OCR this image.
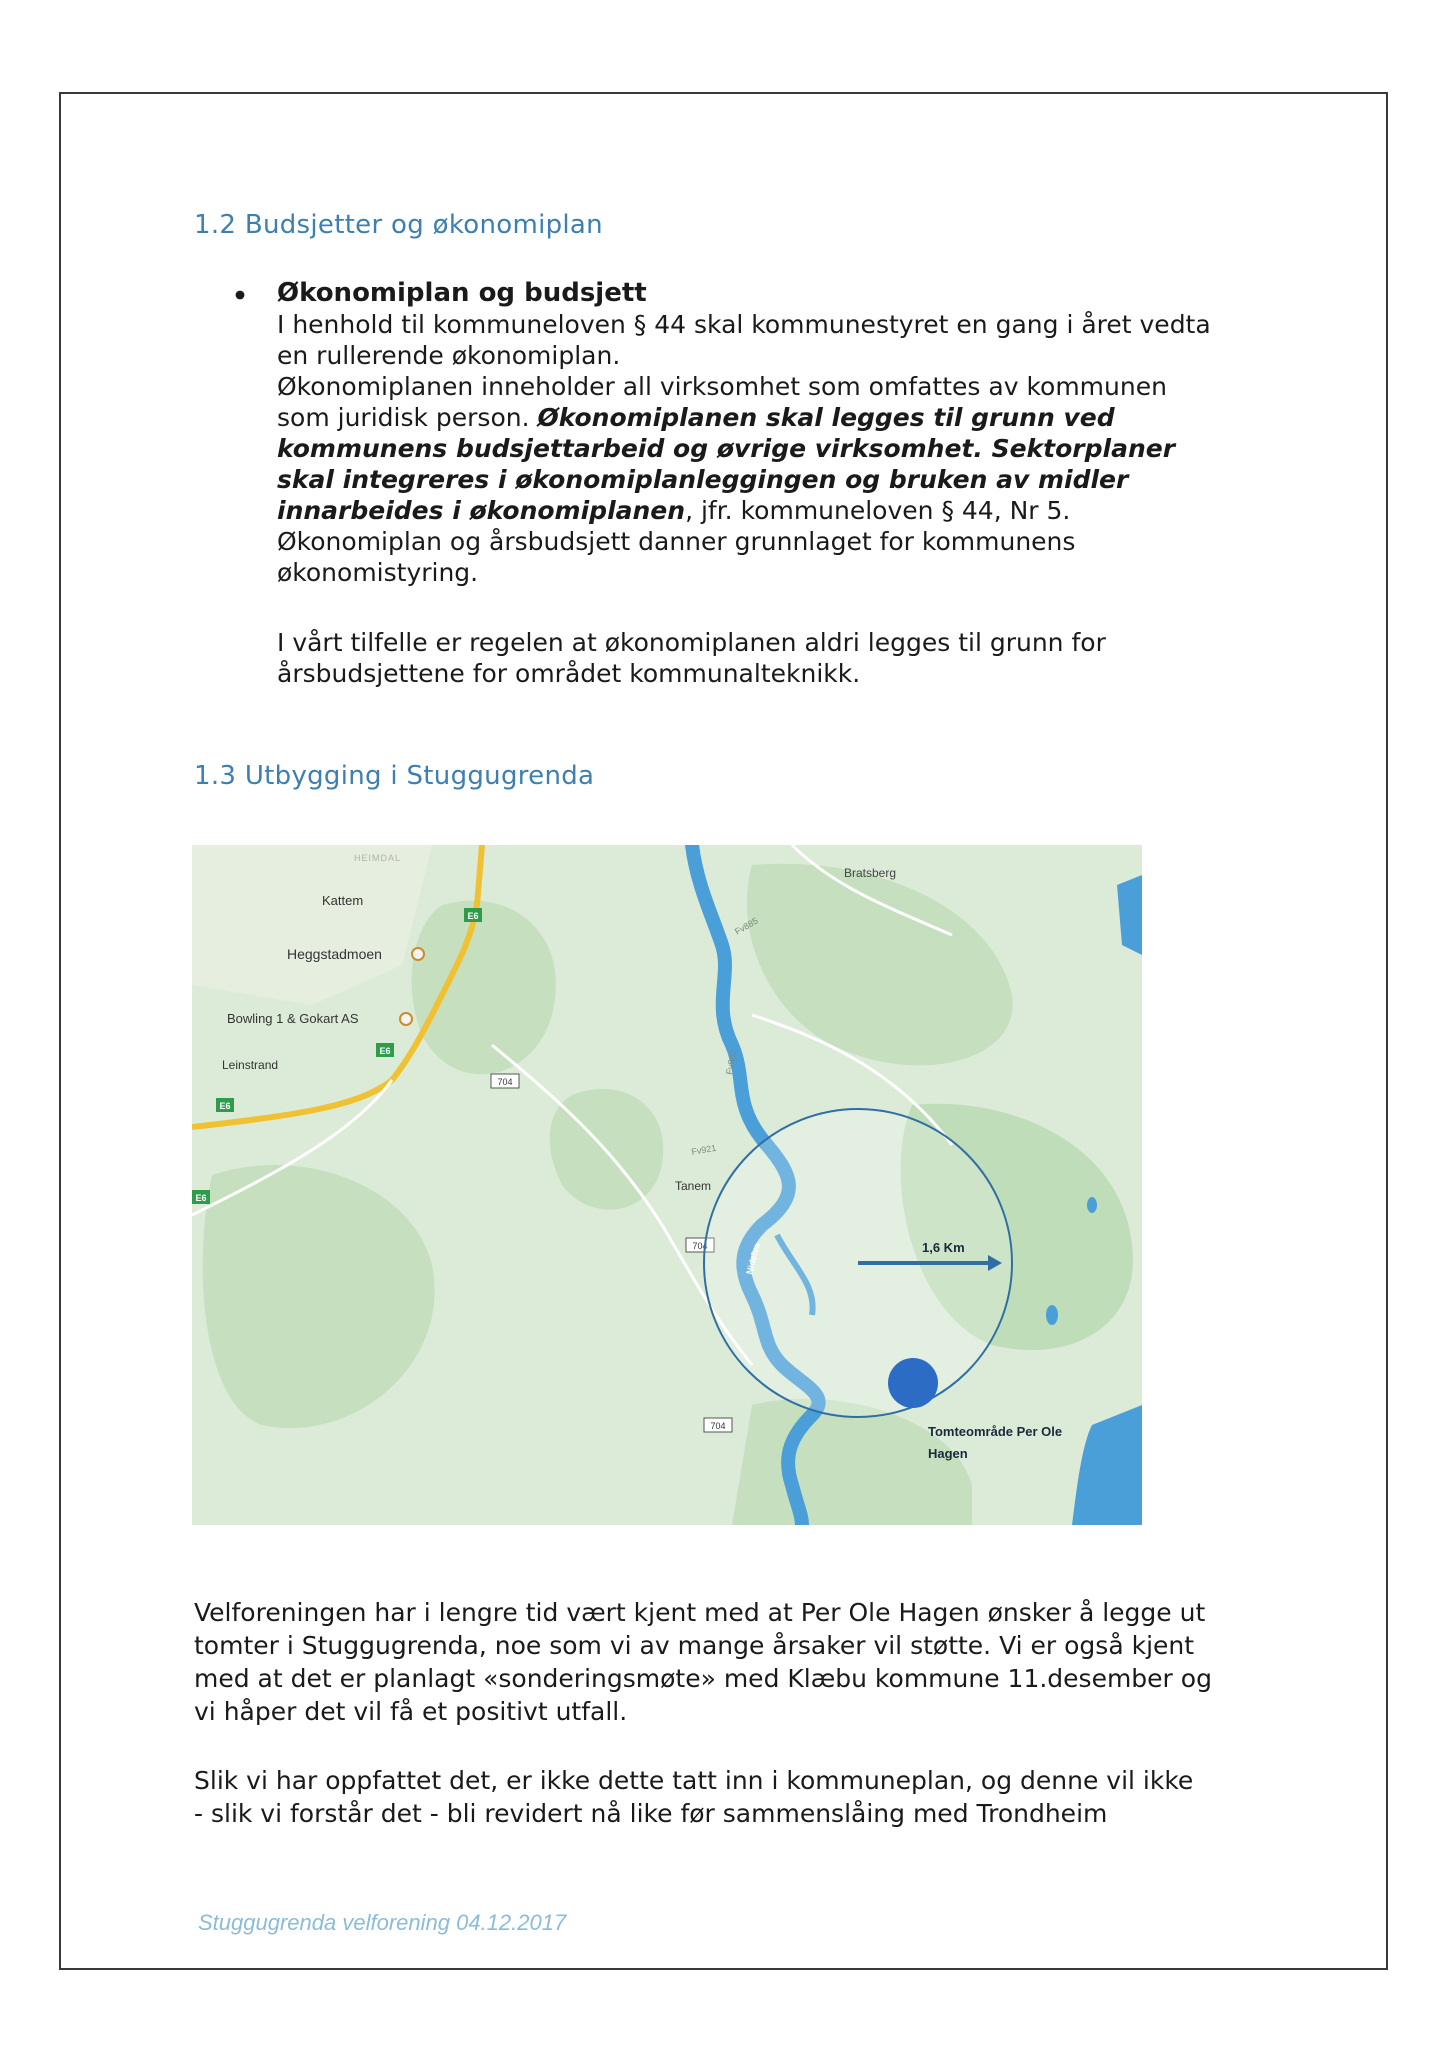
1.2 Budsjetter og økonomiplan
Økonomiplan og budsjett
I henhold til kommuneloven § 44 skal kommunestyret en gang i året vedta
en rullerende økonomiplan.
Økonomiplanen inneholder all virksomhet som omfattes av kommunen
som juridisk person. Økonomiplanen skal legges til grunn ved
kommunens budsjettarbeid og øvrige virksomhet. Sektorplaner
skal integreres i økonomiplanleggingen og bruken av midler
innarbeides i økonomiplanen, jfr. kommuneloven § 44, Nr 5.
Økonomiplan og årsbudsjett danner grunnlaget for kommunens
økonomistyring.
I vårt tilfelle er regelen at økonomiplanen aldri legges til grunn for
årsbudsjettene for området kommunalteknikk.
1.3 Utbygging i Stuggugrenda
E6
E6
E6
E6
704
704
704
Fv921
Fv885
Fv902
HEIMDAL
Kattem
Heggstadmoen
Bowling 1 & Gokart AS
Leinstrand
Bratsberg
Tanem
Nidelva	1,6 Km
Tomteområde Per Ole
Hagen
Velforeningen har i lengre tid vært kjent med at Per Ole Hagen ønsker å legge ut
tomter i Stuggugrenda, noe som vi av mange årsaker vil støtte. Vi er også kjent
med at det er planlagt «sonderingsmøte» med Klæbu kommune 11.desember og
vi håper det vil få et positivt utfall.
Slik vi har oppfattet det, er ikke dette tatt inn i kommuneplan, og denne vil ikke
- slik vi forstår det - bli revidert nå like før sammenslåing med Trondheim
Stuggugrenda velforening 04.12.2017
